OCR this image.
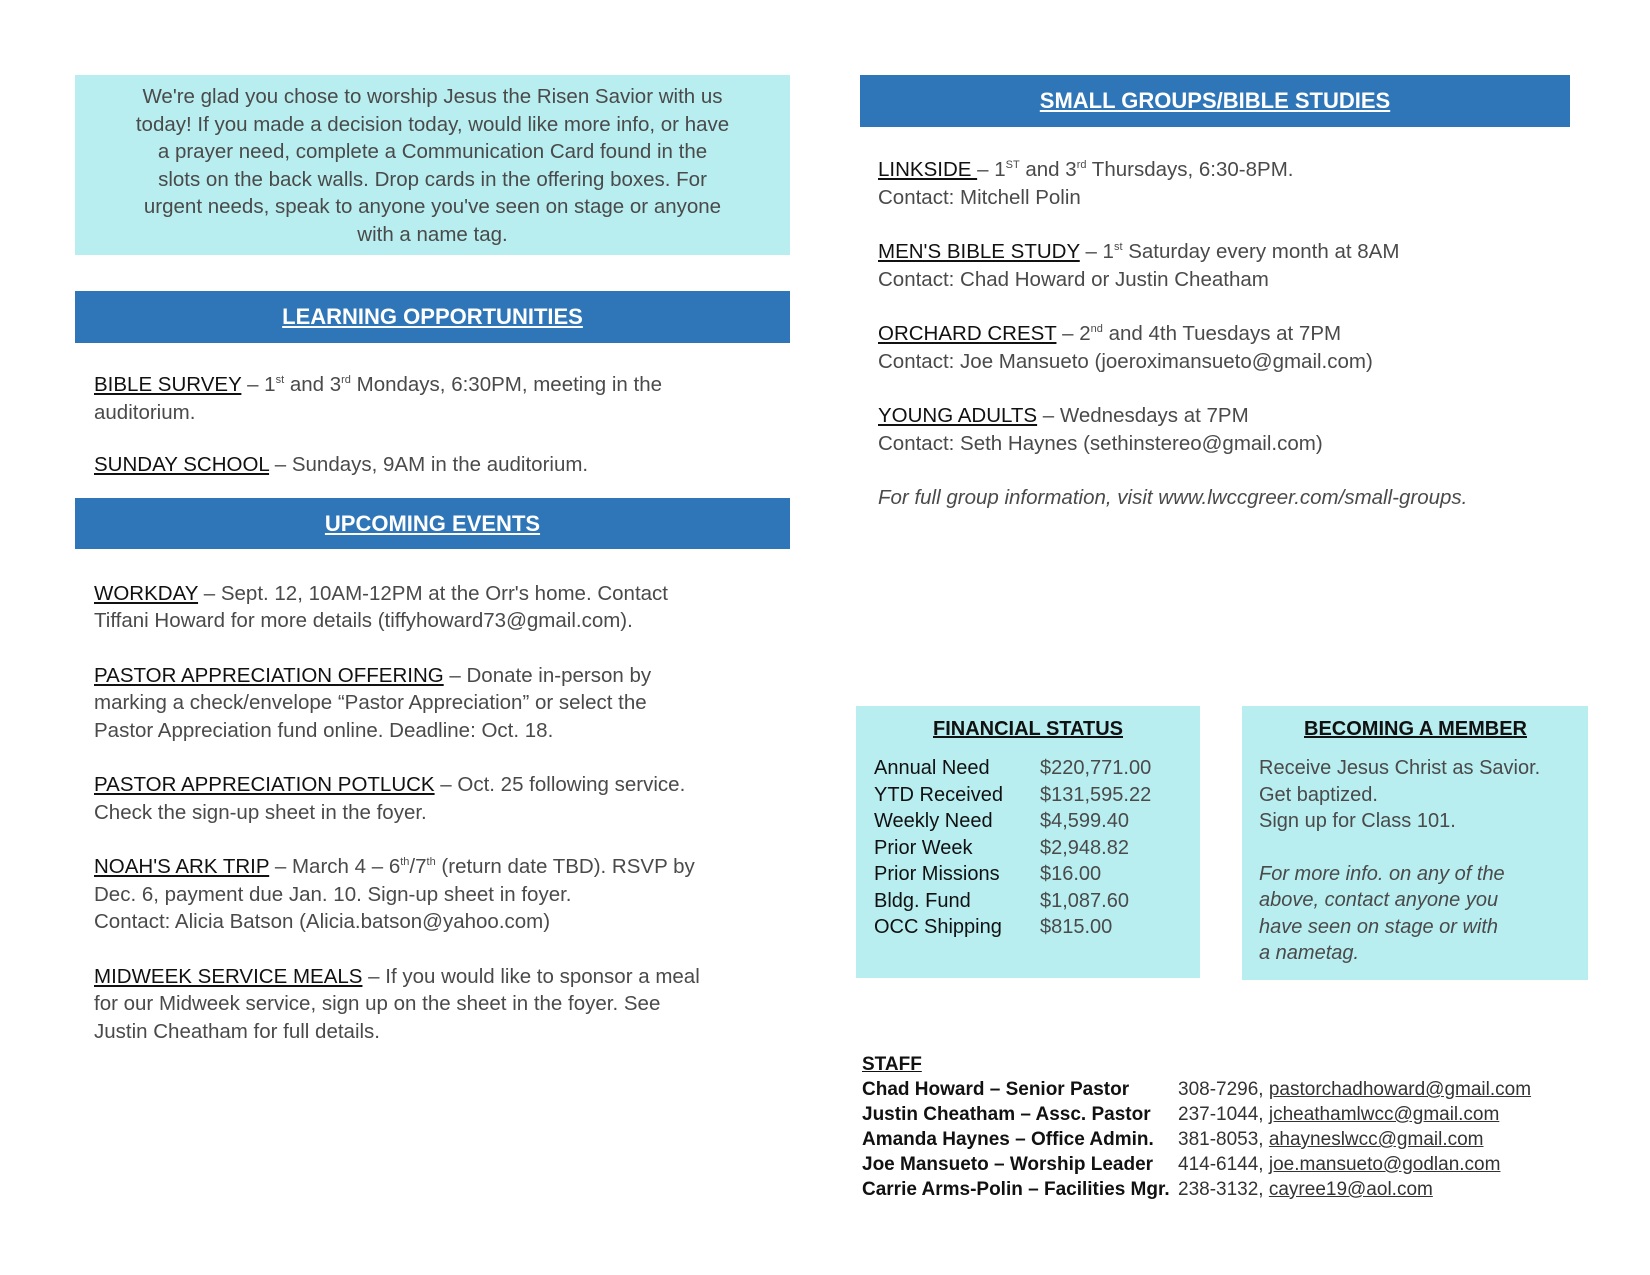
We're glad you chose to worship Jesus the Risen Savior with us
today! If you made a decision today, would like more info, or have
a prayer need, complete a Communication Card found in the
slots on the back walls. Drop cards in the offering boxes. For
urgent needs, speak to anyone you've seen on stage or anyone
with a name tag.
LEARNING OPPORTUNITIES
BIBLE SURVEY – 1st and 3rd Mondays, 6:30PM, meeting in the
auditorium.
SUNDAY SCHOOL – Sundays, 9AM in the auditorium.
UPCOMING EVENTS
WORKDAY – Sept. 12, 10AM-12PM at the Orr's home. Contact
Tiffani Howard for more details (tiffyhoward73@gmail.com).
PASTOR APPRECIATION OFFERING – Donate in-person by
marking a check/envelope “Pastor Appreciation” or select the
Pastor Appreciation fund online. Deadline: Oct. 18.
PASTOR APPRECIATION POTLUCK – Oct. 25 following service.
Check the sign-up sheet in the foyer.
NOAH'S ARK TRIP – March 4 – 6th/7th (return date TBD). RSVP by
Dec. 6, payment due Jan. 10. Sign-up sheet in foyer.
Contact: Alicia Batson (Alicia.batson@yahoo.com)
MIDWEEK SERVICE MEALS – If you would like to sponsor a meal
for our Midweek service, sign up on the sheet in the foyer. See
Justin Cheatham for full details.
SMALL GROUPS/BIBLE STUDIES
LINKSIDE – 1ST and 3rd Thursdays, 6:30-8PM.
Contact: Mitchell Polin
MEN'S BIBLE STUDY – 1st Saturday every month at 8AM
Contact: Chad Howard or Justin Cheatham
ORCHARD CREST – 2nd and 4th Tuesdays at 7PM
Contact: Joe Mansueto (joeroximansueto@gmail.com)
YOUNG ADULTS – Wednesdays at 7PM
Contact: Seth Haynes (sethinstereo@gmail.com)
For full group information, visit www.lwccgreer.com/small-groups.
FINANCIAL STATUS
Annual Need	$220,771.00
YTD Received	$131,595.22
Weekly Need	$4,599.40
Prior Week	$2,948.82
Prior Missions	$16.00
Bldg. Fund	$1,087.60
OCC Shipping	$815.00
BECOMING A MEMBER
Receive Jesus Christ as Savior.
Get baptized.
Sign up for Class 101.
For more info. on any of the
above, contact anyone you
have seen on stage or with
a nametag.
STAFF
Chad Howard – Senior Pastor	308-7296, pastorchadhoward@gmail.com
Justin Cheatham – Assc. Pastor	237-1044, jcheathamlwcc@gmail.com
Amanda Haynes – Office Admin.	381-8053, ahayneslwcc@gmail.com
Joe Mansueto – Worship Leader	414-6144, joe.mansueto@godlan.com
Carrie Arms-Polin – Facilities Mgr. 238-3132, cayree19@aol.com
